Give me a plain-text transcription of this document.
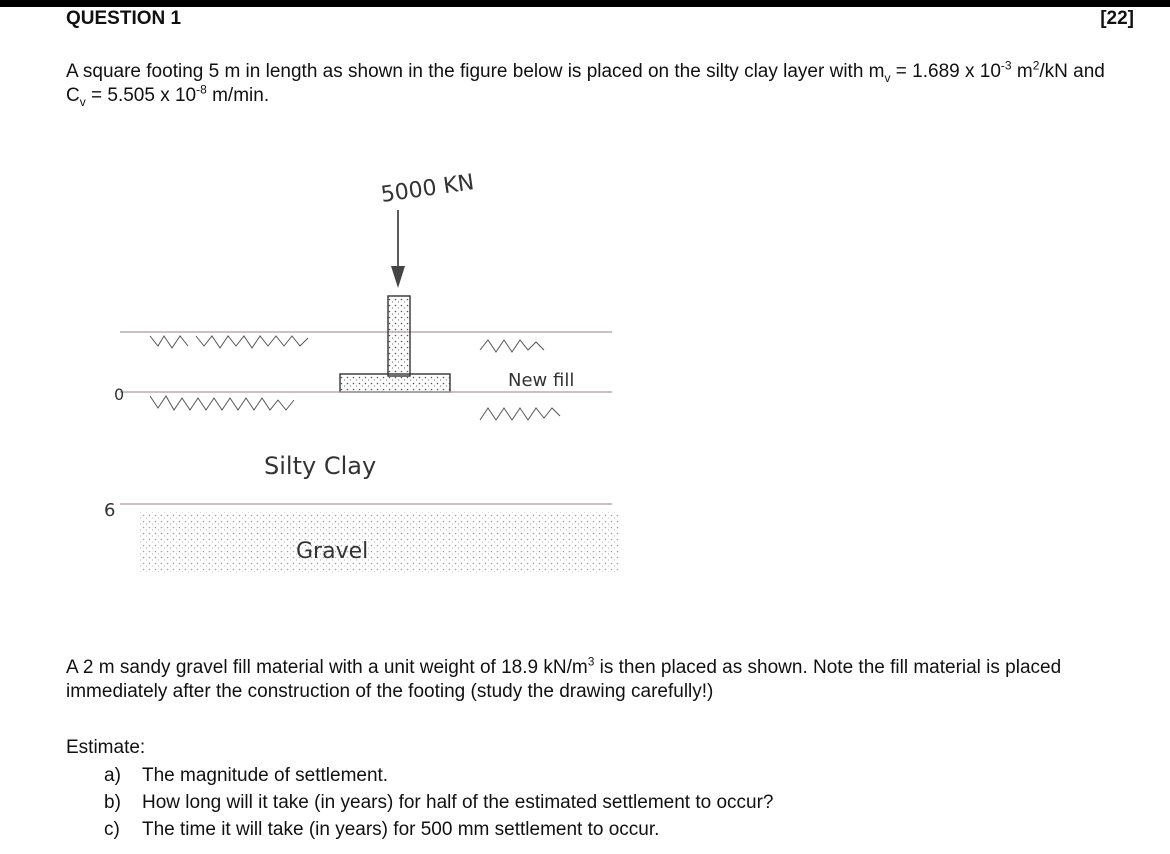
QUESTION 1	[22]
A square footing 5 m in length as shown in the figure below is placed on the silty clay layer with $m_v = 1.689$ x $10^{-3}$ $m^2/kN$ and $C_v = 5.505$ x $10^{-8}$ m/min.
5000 KN
New fill
0
Silty Clay
6
Gravel
A 2 m sandy gravel fill material with a unit weight of 18.9 $kN/m^3$ is then placed as shown. Note the fill material is placed immediately after the construction of the footing (study the drawing carefully!)
Estimate:
a)	The magnitude of settlement.
b)	How long will it take (in years) for half of the estimated settlement to occur?
c)	The time it will take (in years) for 500 mm settlement to occur.
